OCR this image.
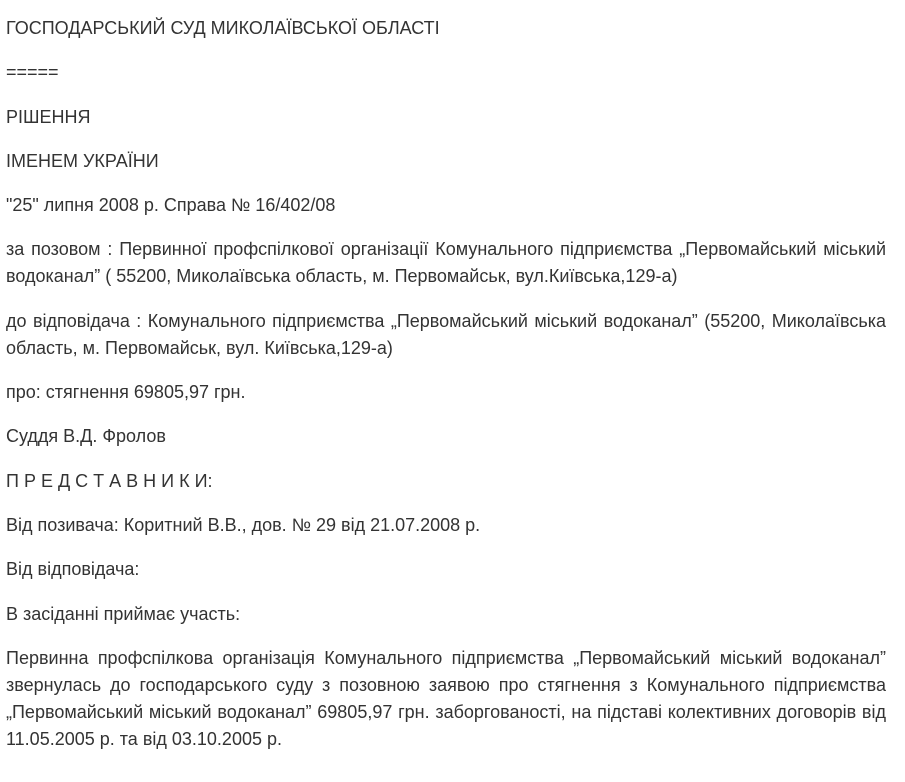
ГОСПОДАРСЬКИЙ СУД МИКОЛАЇВСЬКОЇ ОБЛАСТІ

=====

РІШЕННЯ

ІМЕНЕМ УКРАЇНИ

"25" липня 2008 р. Справа № 16/402/08

за позовом : Первинної профспілкової організації Комунального підприємства „Первомайський міський водоканал” ( 55200, Миколаївська область, м. Первомайськ, вул.Київська,129-а)

до відповідача : Комунального підприємства „Первомайський міський водоканал” (55200, Миколаївська область, м. Первомайськ, вул. Київська,129-а)

про: стягнення 69805,97 грн.

Суддя В.Д. Фролов

П Р Е Д С Т А В Н И К И:

Від позивача: Коритний В.В., дов. № 29 від 21.07.2008 р.

Від відповідача:

В засіданні приймає участь:

Первинна профспілкова організація Комунального підприємства „Первомайський міський водоканал” звернулась до господарського суду з позовною заявою про стягнення з Комунального підприємства „Первомайський міський водоканал” 69805,97 грн. заборгованості, на підставі колективних договорів від 11.05.2005 р. та від 03.10.2005 р.
